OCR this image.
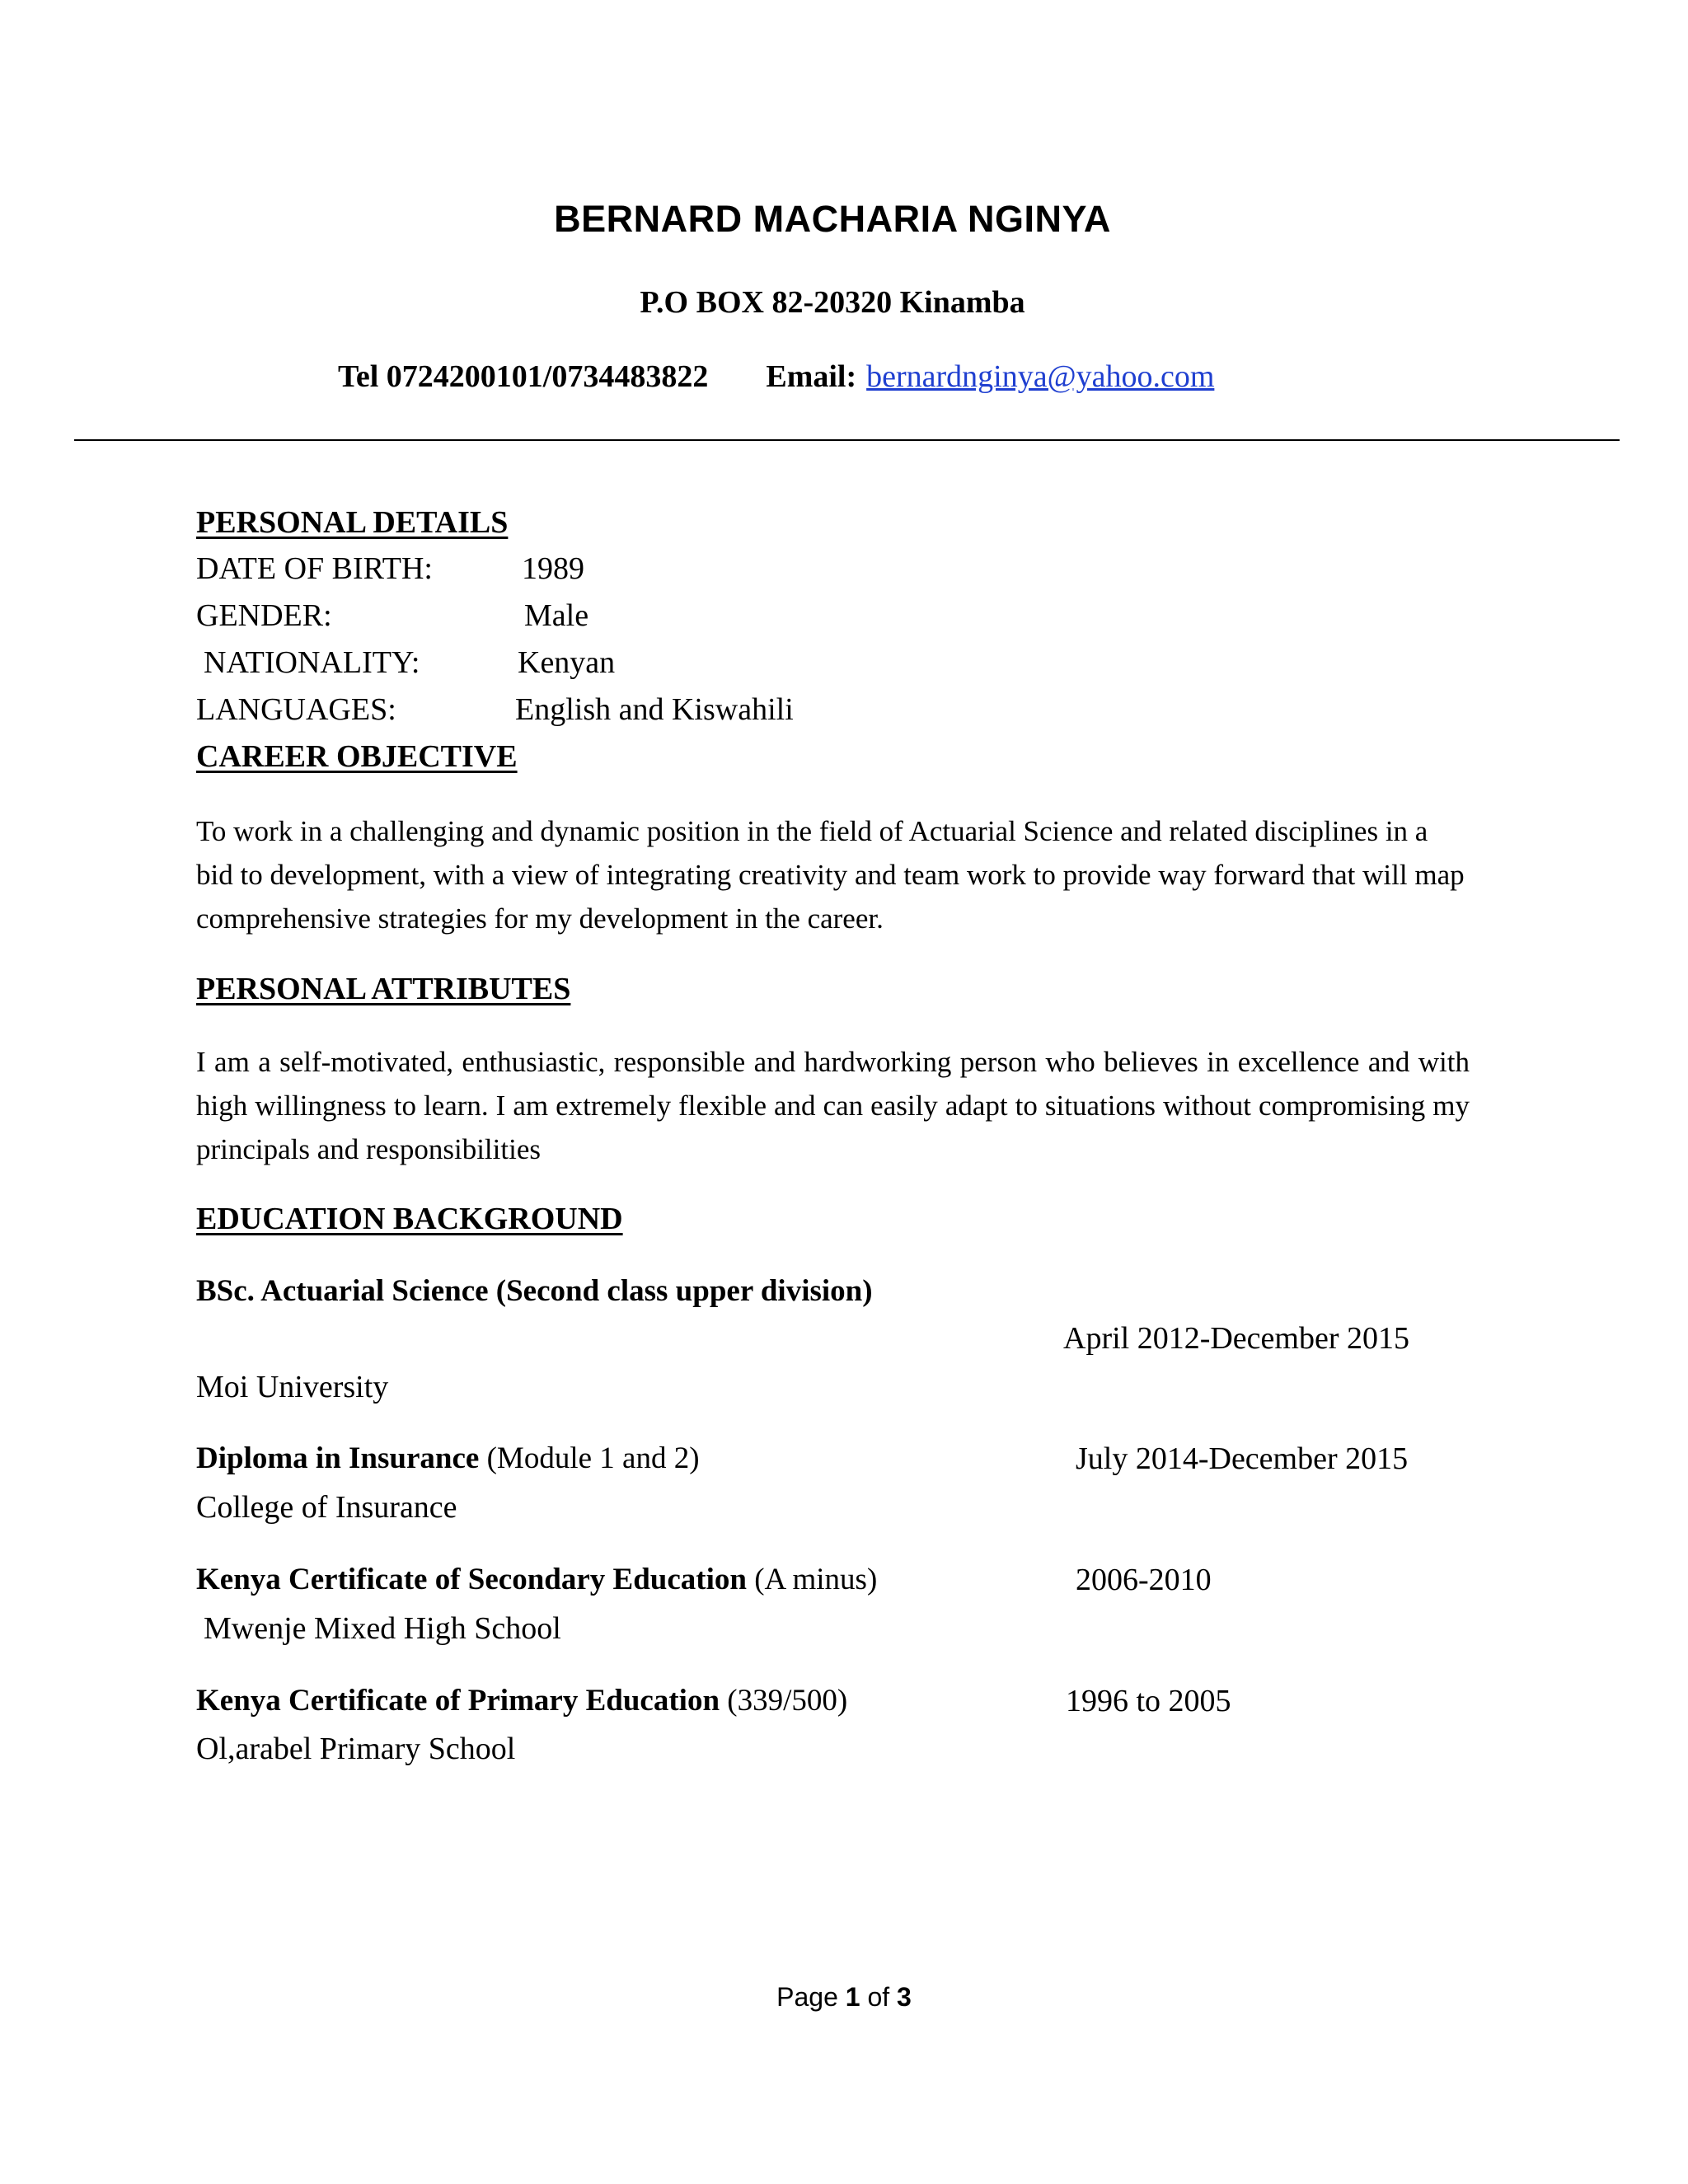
BERNARD MACHARIA NGINYA
P.O BOX 82-20320 Kinamba
Tel 0724200101/0734483822 Email: bernardnginya@yahoo.com
PERSONAL DETAILS
DATE OF BIRTH:	1989
GENDER:	Male
NATIONALITY:	Kenyan
LANGUAGES:	English and Kiswahili
CAREER OBJECTIVE
To work in a challenging and dynamic position in the field of Actuarial Science and related disciplines in a bid to development, with a view of integrating creativity and team work to provide way forward that will map comprehensive strategies for my development in the career.
PERSONAL ATTRIBUTES
I am a self-motivated, enthusiastic, responsible and hardworking person who believes in excellence and with high willingness to learn. I am extremely flexible and can easily adapt to situations without compromising my principals and responsibilities
EDUCATION BACKGROUND
BSc. Actuarial Science (Second class upper division)
April 2012-December 2015
Moi University
Diploma in Insurance (Module 1 and 2)	July 2014-December 2015
College of Insurance
Kenya Certificate of Secondary Education (A minus)	2006-2010
Mwenje Mixed High School
Kenya Certificate of Primary Education (339/500)	1996 to 2005
Ol,arabel Primary School
Page 1 of 3
